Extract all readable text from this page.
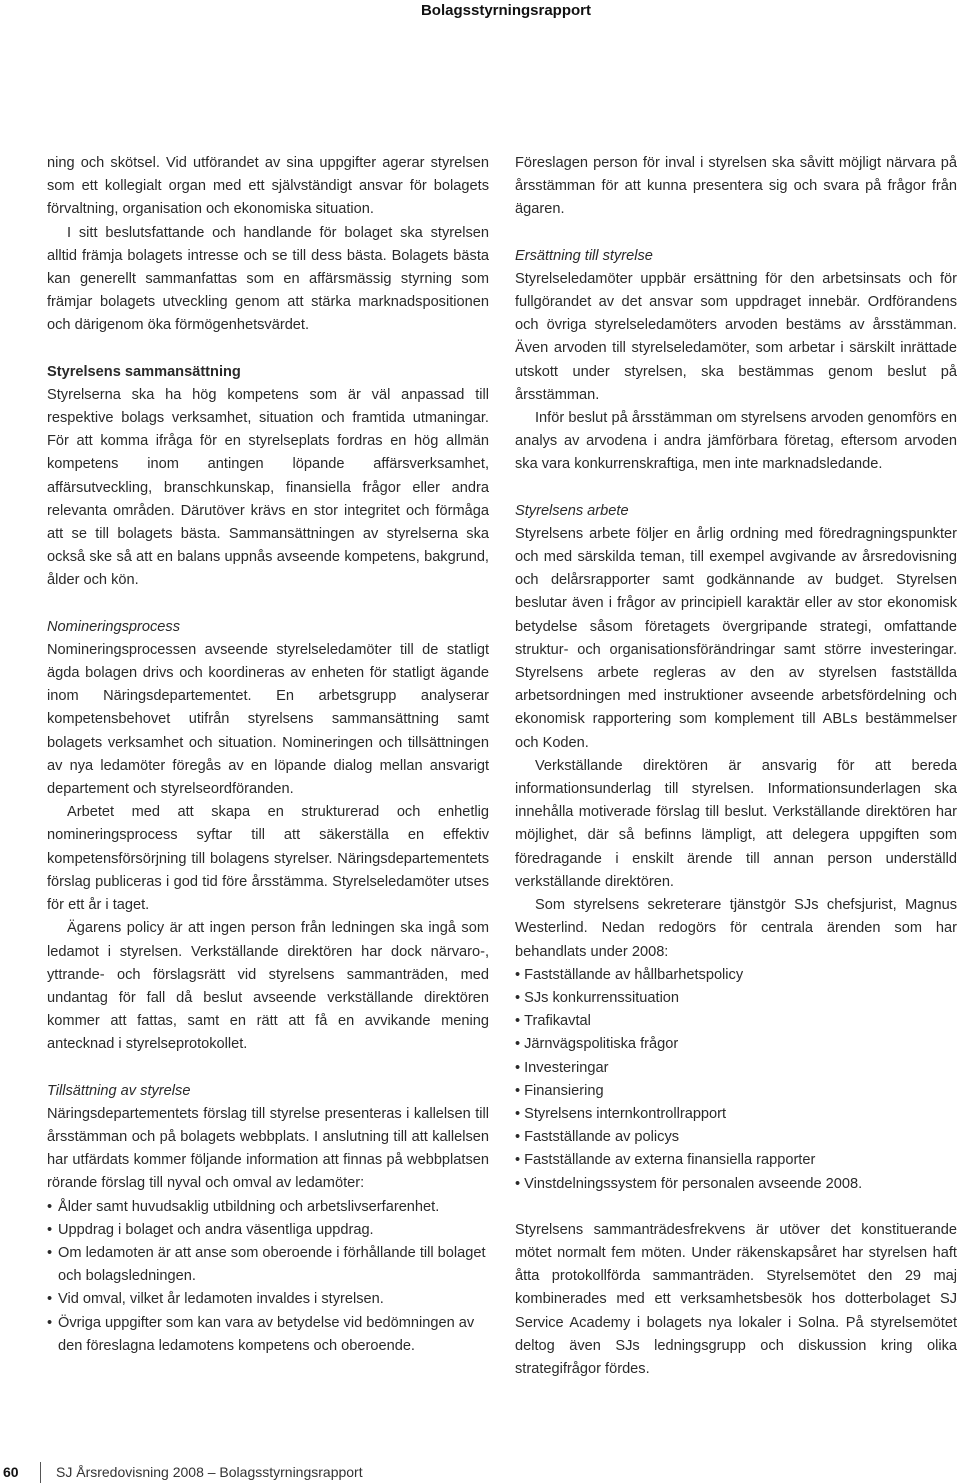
Bolagsstyrningsrapport

ning och skötsel. Vid utförandet av sina uppgifter agerar styrelsen som ett kollegialt organ med ett självständigt ansvar för bolagets förvaltning, organisation och ekonomiska situation.

I sitt beslutsfattande och handlande för bolaget ska styrelsen alltid främja bolagets intresse och se till dess bästa. Bolagets bästa kan generellt sammanfattas som en affärsmässig styrning som främjar bolagets utveckling genom att stärka marknadspositionen och därigenom öka förmögenhetsvärdet.

Styrelsens sammansättning

Styrelserna ska ha hög kompetens som är väl anpassad till respektive bolags verksamhet, situation och framtida utmaningar. För att komma ifråga för en styrelseplats fordras en hög allmän kompetens inom antingen löpande affärsverksamhet, affärsutveckling, branschkunskap, finansiella frågor eller andra relevanta områden. Därutöver krävs en stor integritet och förmåga att se till bolagets bästa. Sammansättningen av styrelserna ska också ske så att en balans uppnås avseende kompetens, bakgrund, ålder och kön.

Nomineringsprocess

Nomineringsprocessen avseende styrelseledamöter till de statligt ägda bolagen drivs och koordineras av enheten för statligt ägande inom Näringsdepartementet. En arbetsgrupp analyserar kompetensbehovet utifrån styrelsens sammansättning samt bolagets verksamhet och situation. Nomineringen och tillsättningen av nya ledamöter föregås av en löpande dialog mellan ansvarigt departement och styrelseordföranden.

Arbetet med att skapa en strukturerad och enhetlig nomineringsprocess syftar till att säkerställa en effektiv kompetensförsörjning till bolagens styrelser. Näringsdepartementets förslag publiceras i god tid före årsstämma. Styrelseledamöter utses för ett år i taget.

Ägarens policy är att ingen person från ledningen ska ingå som ledamot i styrelsen. Verkställande direktören har dock närvaro-, yttrande- och förslagsrätt vid styrelsens sammanträden, med undantag för fall då beslut avseende verkställande direktören kommer att fattas, samt en rätt att få en avvikande mening antecknad i styrelseprotokollet.

Tillsättning av styrelse

Näringsdepartementets förslag till styrelse presenteras i kallelsen till årsstämman och på bolagets webbplats. I anslutning till att kallelsen har utfärdats kommer följande information att finnas på webbplatsen rörande förslag till nyval och omval av ledamöter:

• Ålder samt huvudsaklig utbildning och arbetslivserfarenhet.
• Uppdrag i bolaget och andra väsentliga uppdrag.
• Om ledamoten är att anse som oberoende i förhållande till bolaget och bolagsledningen.
• Vid omval, vilket år ledamoten invaldes i styrelsen.
• Övriga uppgifter som kan vara av betydelse vid bedömningen av den föreslagna ledamotens kompetens och oberoende.

Föreslagen person för inval i styrelsen ska såvitt möjligt närvara på årsstämman för att kunna presentera sig och svara på frågor från ägaren.

Ersättning till styrelse

Styrelseledamöter uppbär ersättning för den arbetsinsats och för fullgörandet av det ansvar som uppdraget innebär. Ordförandens och övriga styrelseledamöters arvoden bestäms av årsstämman. Även arvoden till styrelseledamöter, som arbetar i särskilt inrättade utskott under styrelsen, ska bestämmas genom beslut på årsstämman.

Inför beslut på årsstämman om styrelsens arvoden genomförs en analys av arvodena i andra jämförbara företag, eftersom arvoden ska vara konkurrenskraftiga, men inte marknadsledande.

Styrelsens arbete

Styrelsens arbete följer en årlig ordning med föredragningspunkter och med särskilda teman, till exempel avgivande av årsredovisning och delårsrapporter samt godkännande av budget. Styrelsen beslutar även i frågor av principiell karaktär eller av stor ekonomisk betydelse såsom företagets övergripande strategi, omfattande struktur- och organisationsförändringar samt större investeringar. Styrelsens arbete regleras av den av styrelsen fastställda arbetsordningen med instruktioner avseende arbetsfördelning och ekonomisk rapportering som komplement till ABLs bestämmelser och Koden.

Verkställande direktören är ansvarig för att bereda informationsunderlag till styrelsen. Informationsunderlagen ska innehålla motiverade förslag till beslut. Verkställande direktören har möjlighet, där så befinns lämpligt, att delegera uppgiften som föredragande i enskilt ärende till annan person underställd verkställande direktören.

Som styrelsens sekreterare tjänstgör SJs chefsjurist, Magnus Westerlind. Nedan redogörs för centrala ärenden som har behandlats under 2008:

• Fastställande av hållbarhetspolicy
• SJs konkurrenssituation
• Trafikavtal
• Järnvägspolitiska frågor
• Investeringar
• Finansiering
• Styrelsens internkontrollrapport
• Fastställande av policys
• Fastställande av externa finansiella rapporter
• Vinstdelningssystem för personalen avseende 2008.

Styrelsens sammanträdesfrekvens är utöver det konstituerande mötet normalt fem möten. Under räkenskapsåret har styrelsen haft åtta protokollförda sammanträden. Styrelsemötet den 29 maj kombinerades med ett verksamhetsbesök hos dotterbolaget SJ Service Academy i bolagets nya lokaler i Solna. På styrelsemötet deltog även SJs ledningsgrupp och diskussion kring olika strategifrågor fördes.

60	SJ Årsredovisning 2008 – Bolagsstyrningsrapport
